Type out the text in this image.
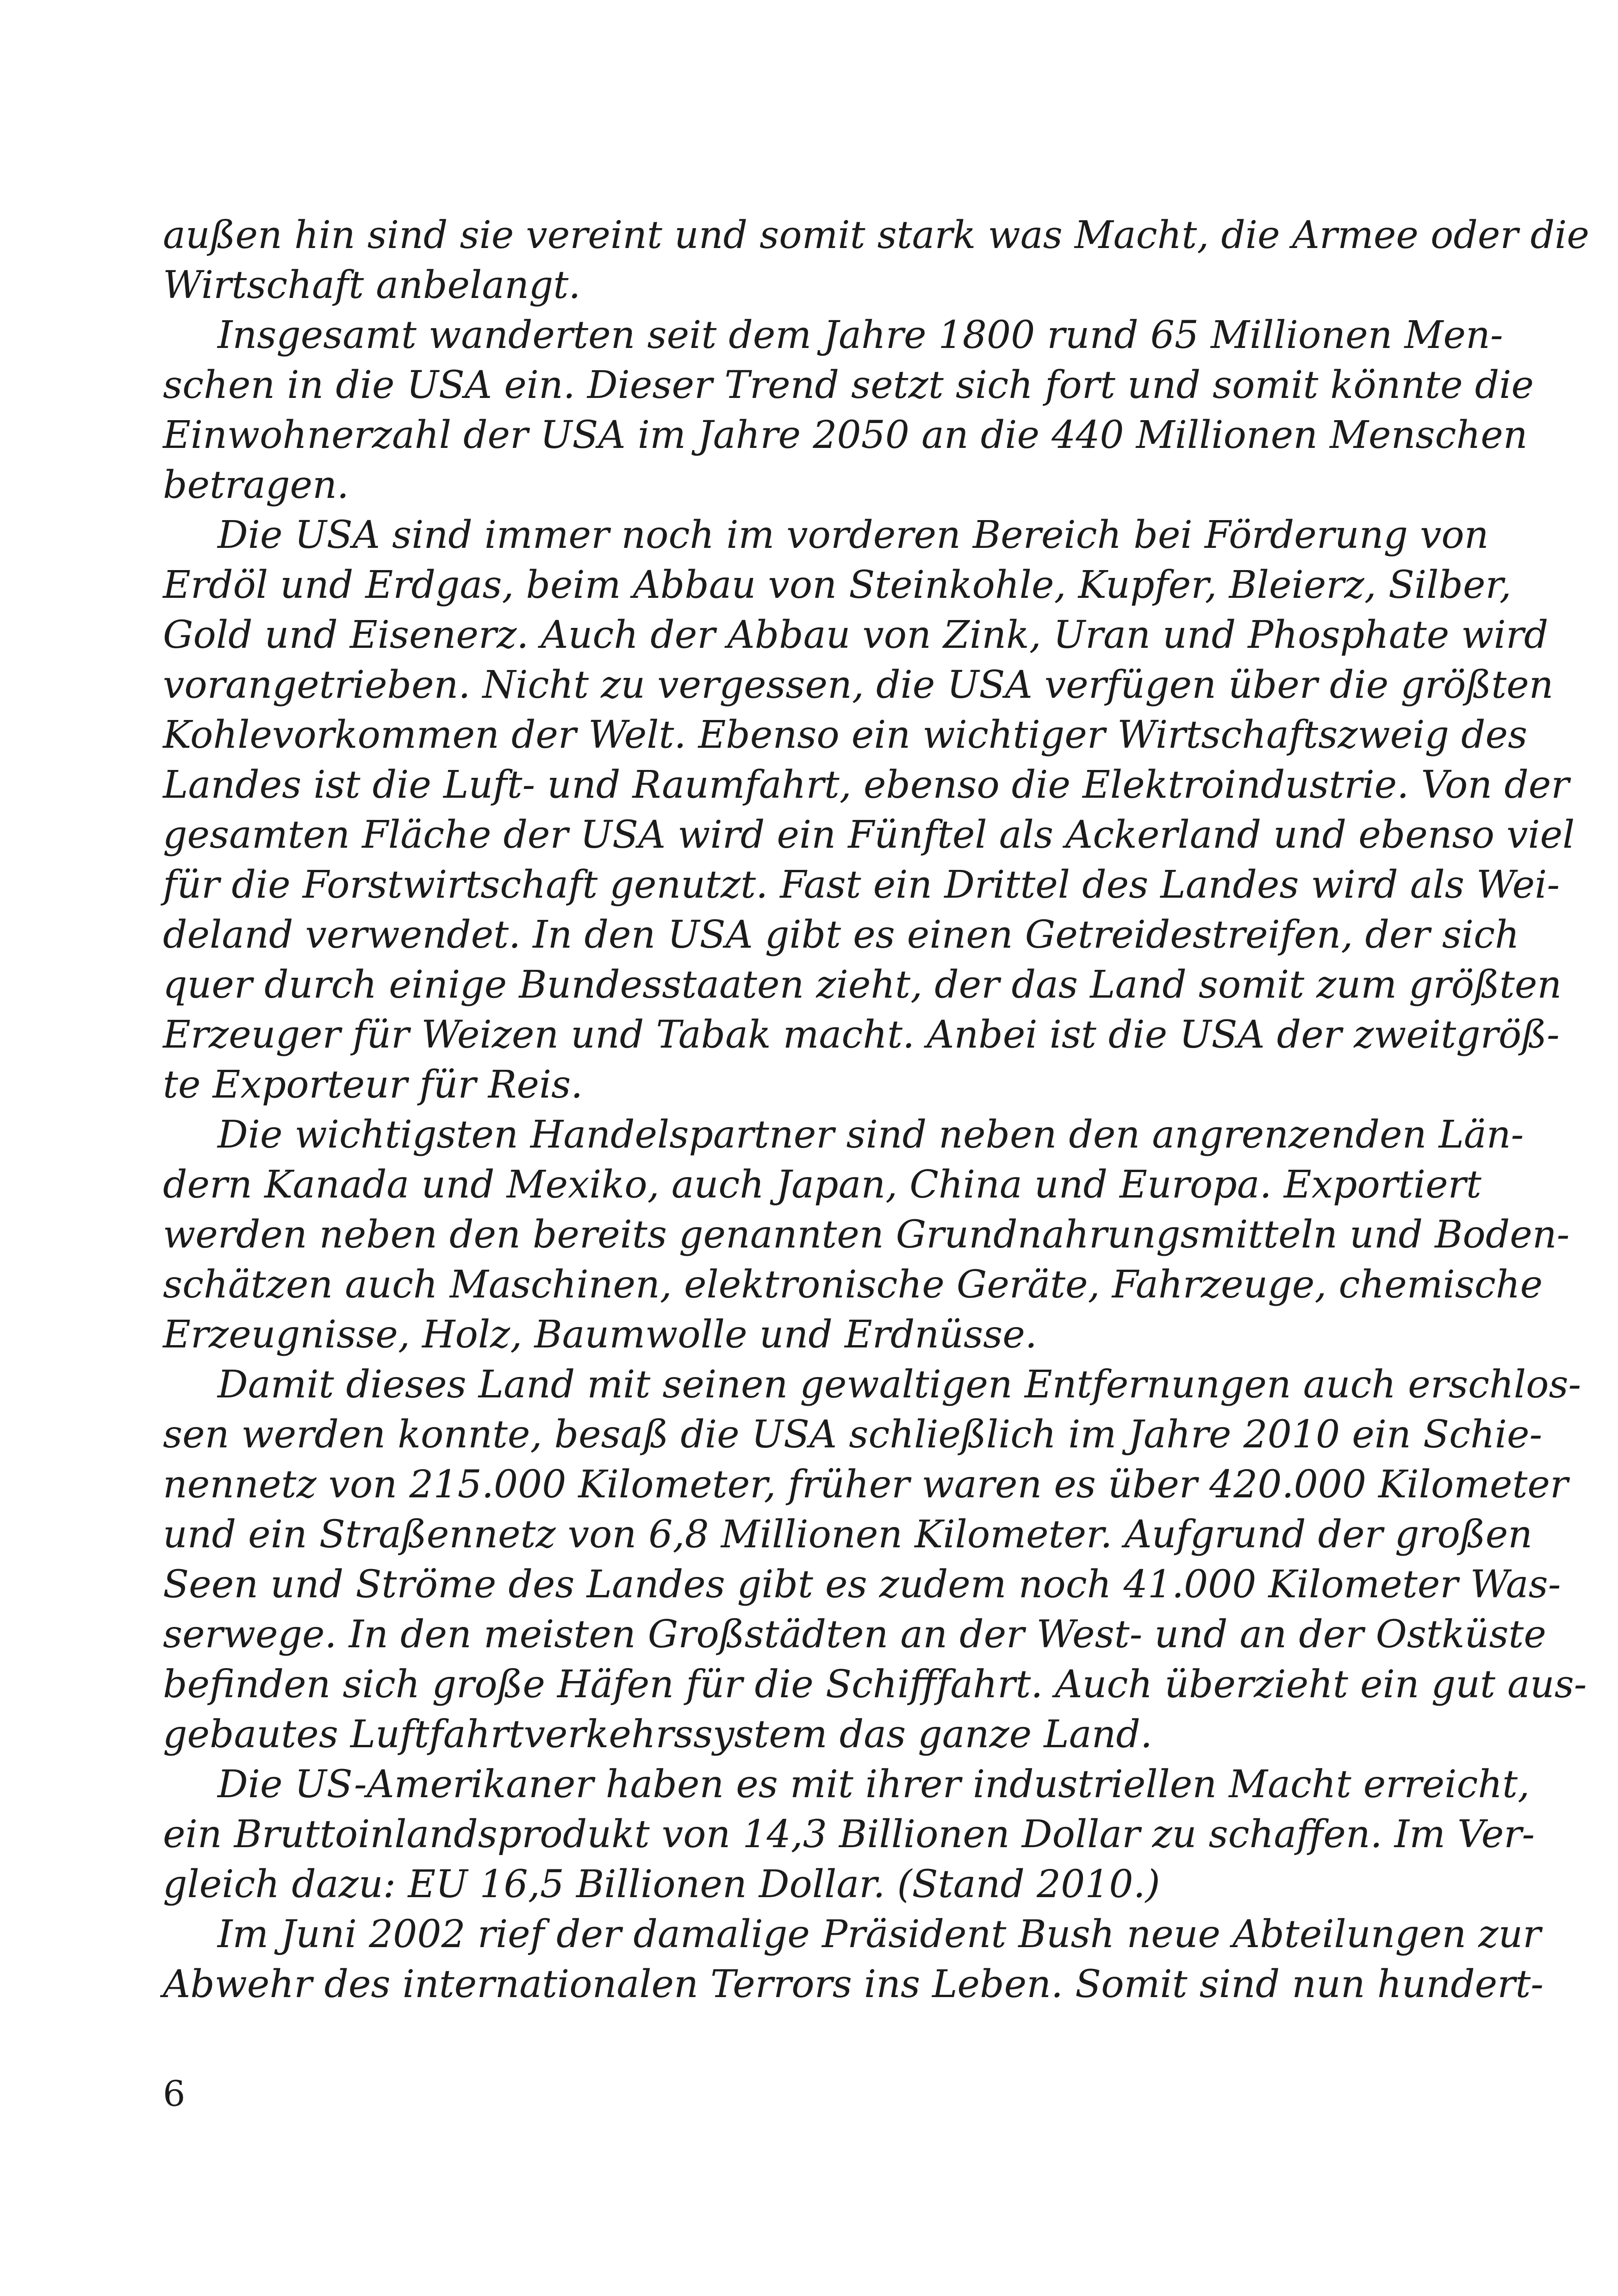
außen hin sind sie vereint und somit stark was Macht, die Armee oder die
Wirtschaft anbelangt.
Insgesamt wanderten seit dem Jahre 1800 rund 65 Millionen Men-
schen in die USA ein. Dieser Trend setzt sich fort und somit könnte die
Einwohnerzahl der USA im Jahre 2050 an die 440 Millionen Menschen
betragen.
Die USA sind immer noch im vorderen Bereich bei Förderung von
Erdöl und Erdgas, beim Abbau von Steinkohle, Kupfer, Bleierz, Silber,
Gold und Eisenerz. Auch der Abbau von Zink, Uran und Phosphate wird
vorangetrieben. Nicht zu vergessen, die USA verfügen über die größten
Kohlevorkommen der Welt. Ebenso ein wichtiger Wirtschaftszweig des
Landes ist die Luft- und Raumfahrt, ebenso die Elektroindustrie. Von der
gesamten Fläche der USA wird ein Fünftel als Ackerland und ebenso viel
für die Forstwirtschaft genutzt. Fast ein Drittel des Landes wird als Wei-
deland verwendet. In den USA gibt es einen Getreidestreifen, der sich
quer durch einige Bundesstaaten zieht, der das Land somit zum größten
Erzeuger für Weizen und Tabak macht. Anbei ist die USA der zweitgröß-
te Exporteur für Reis.
Die wichtigsten Handelspartner sind neben den angrenzenden Län-
dern Kanada und Mexiko, auch Japan, China und Europa. Exportiert
werden neben den bereits genannten Grundnahrungsmitteln und Boden-
schätzen auch Maschinen, elektronische Geräte, Fahrzeuge, chemische
Erzeugnisse, Holz, Baumwolle und Erdnüsse.
Damit dieses Land mit seinen gewaltigen Entfernungen auch erschlos-
sen werden konnte, besaß die USA schließlich im Jahre 2010 ein Schie-
nennetz von 215.000 Kilometer, früher waren es über 420.000 Kilometer
und ein Straßennetz von 6,8 Millionen Kilometer. Aufgrund der großen
Seen und Ströme des Landes gibt es zudem noch 41.000 Kilometer Was-
serwege. In den meisten Großstädten an der West- und an der Ostküste
befinden sich große Häfen für die Schifffahrt. Auch überzieht ein gut aus-
gebautes Luftfahrtverkehrssystem das ganze Land.
Die US-Amerikaner haben es mit ihrer industriellen Macht erreicht,
ein Bruttoinlandsprodukt von 14,3 Billionen Dollar zu schaffen. Im Ver-
gleich dazu: EU 16,5 Billionen Dollar. (Stand 2010.)
Im Juni 2002 rief der damalige Präsident Bush neue Abteilungen zur
Abwehr des internationalen Terrors ins Leben. Somit sind nun hundert-
6
